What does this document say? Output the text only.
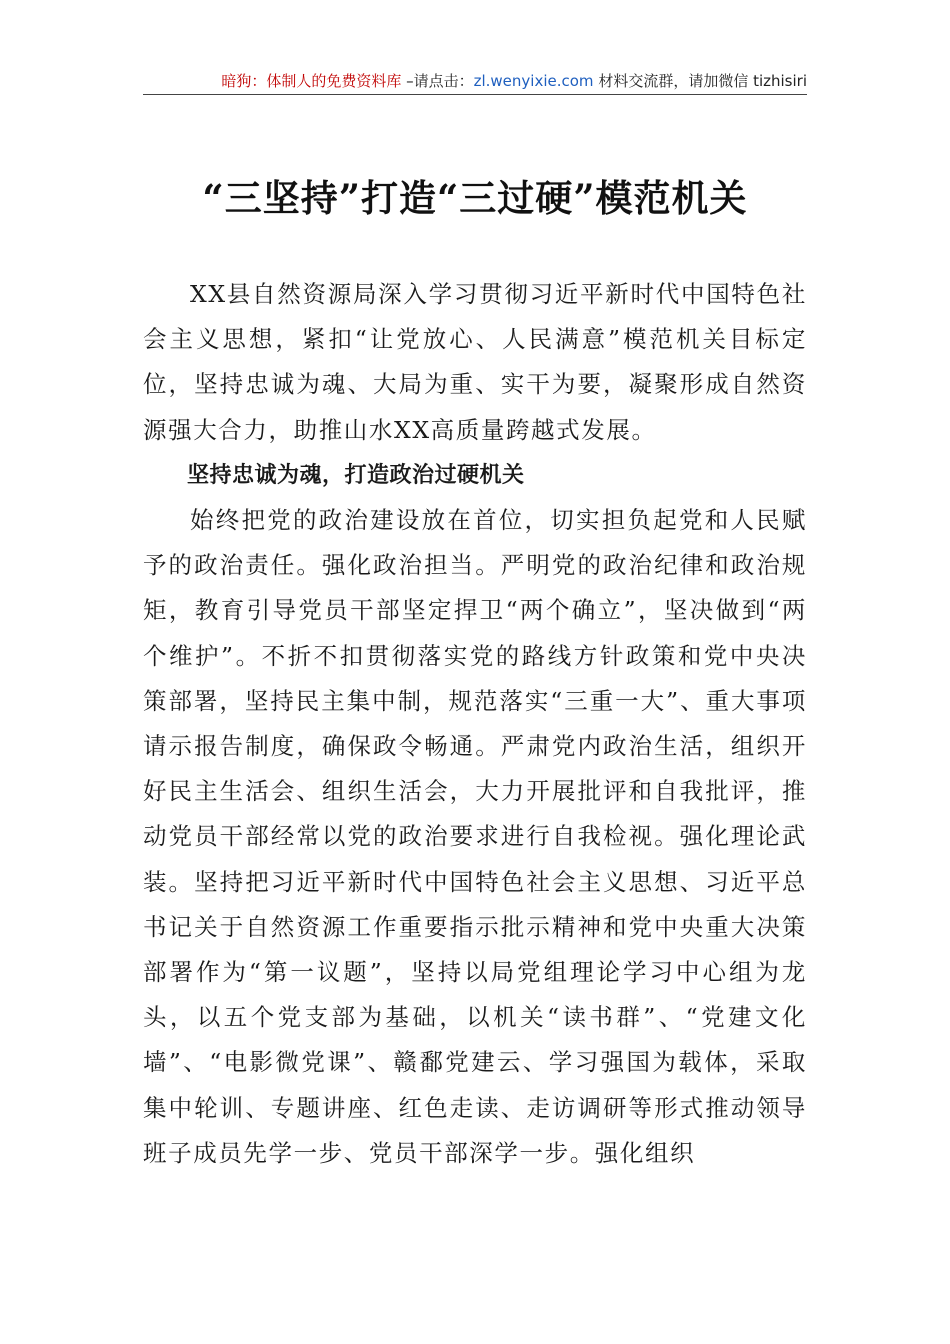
暗狗：体制人的免费资料库 –请点击：zl.wenyixie.com 材料交流群，请加微信 tizhisiri
“三坚持”打造“三过硬”模范机关

XX县自然资源局深入学习贯彻习近平新时代中国特色社会主义思想，紧扣“让党放心、人民满意”模范机关目标定位，坚持忠诚为魂、大局为重、实干为要，凝聚形成自然资源强大合力，助推山水XX高质量跨越式发展。

坚持忠诚为魂，打造政治过硬机关

始终把党的政治建设放在首位，切实担负起党和人民赋予的政治责任。强化政治担当。严明党的政治纪律和政治规矩，教育引导党员干部坚定捍卫“两个确立”，坚决做到“两个维护”。不折不扣贯彻落实党的路线方针政策和党中央决策部署，坚持民主集中制，规范落实“三重一大”、重大事项请示报告制度，确保政令畅通。严肃党内政治生活，组织开好民主生活会、组织生活会，大力开展批评和自我批评，推动党员干部经常以党的政治要求进行自我检视。强化理论武装。坚持把习近平新时代中国特色社会主义思想、习近平总书记关于自然资源工作重要指示批示精神和党中央重大决策部署作为“第一议题”，坚持以局党组理论学习中心组为龙头，以五个党支部为基础，以机关“读书群”、“党建文化墙”、“电影微党课”、赣鄱党建云、学习强国为载体，采取集中轮训、专题讲座、红色走读、走访调研等形式推动领导班子成员先学一步、党员干部深学一步。强化组织
